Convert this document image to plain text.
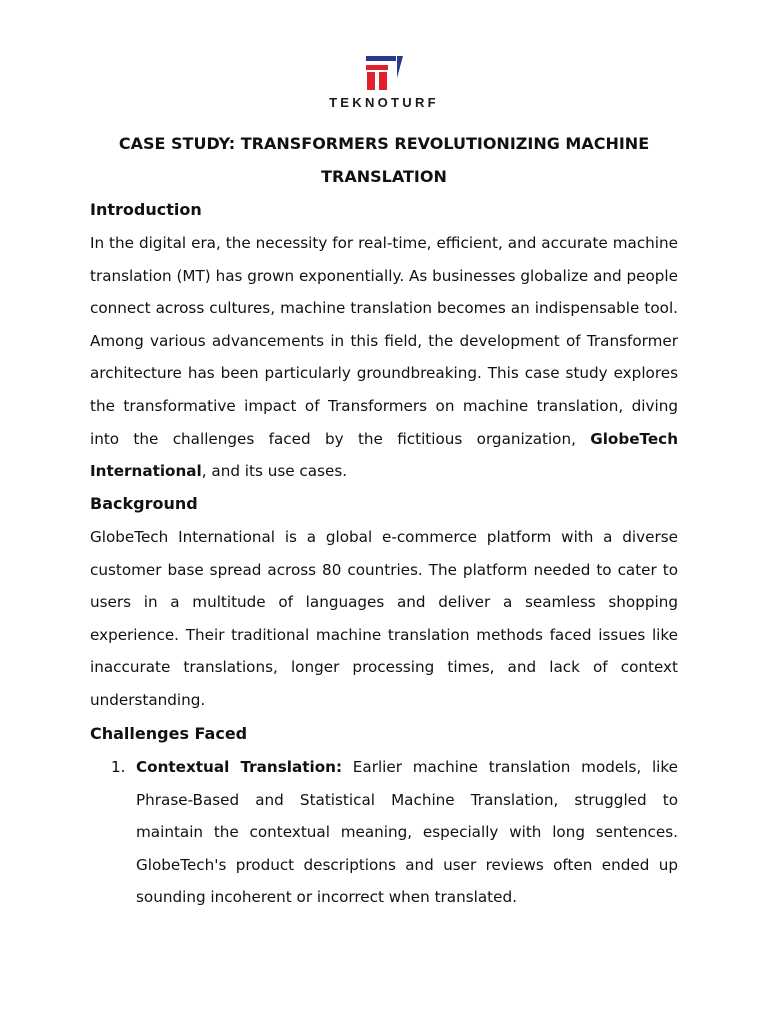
TEKNOTURF
CASE STUDY: TRANSFORMERS REVOLUTIONIZING MACHINE TRANSLATION
Introduction

In the digital era, the necessity for real-time, efficient, and accurate machine translation (MT) has grown exponentially. As businesses globalize and people connect across cultures, machine translation becomes an indispensable tool. Among various advancements in this field, the development of Transformer architecture has been particularly groundbreaking. This case study explores the transformative impact of Transformers on machine translation, diving into the challenges faced by the fictitious organization, GlobeTech International, and its use cases.

Background

GlobeTech International is a global e-commerce platform with a diverse customer base spread across 80 countries. The platform needed to cater to users in a multitude of languages and deliver a seamless shopping experience. Their traditional machine translation methods faced issues like inaccurate translations, longer processing times, and lack of context understanding.

Challenges Faced
1. Contextual Translation: Earlier machine translation models, like Phrase-Based and Statistical Machine Translation, struggled to maintain the contextual meaning, especially with long sentences. GlobeTech's product descriptions and user reviews often ended up sounding incoherent or incorrect when translated.
